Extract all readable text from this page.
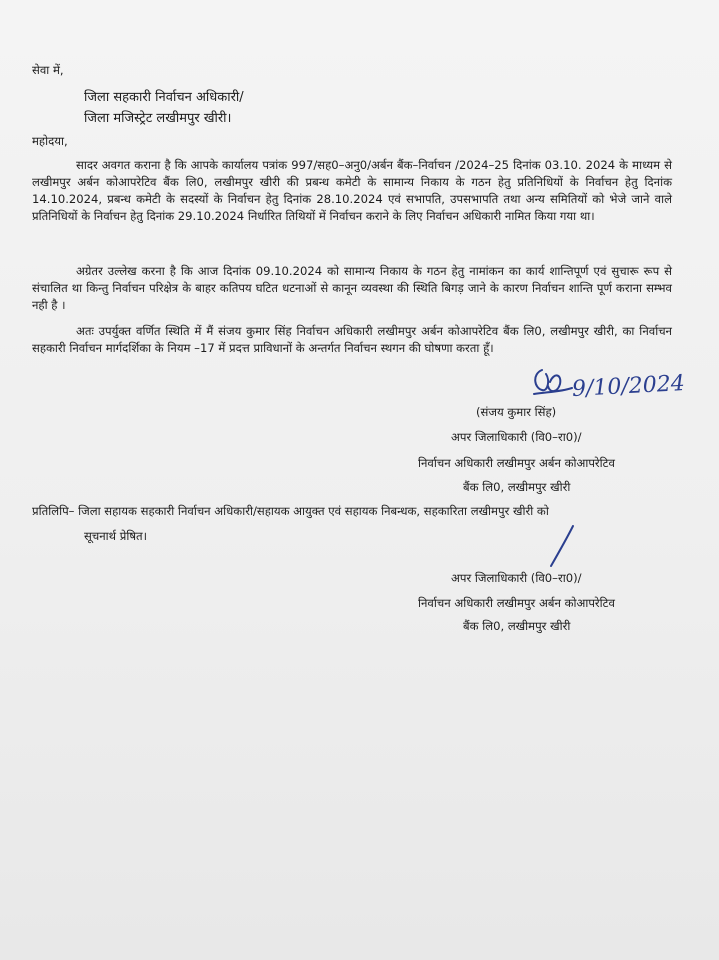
सेवा में,
जिला सहकारी निर्वाचन अधिकारी/
जिला मजिस्ट्रेट लखीमपुर खीरी।
महोदया,
सादर अवगत कराना है कि आपके कार्यालय पत्रांक 997/सह0–अनु0/अर्बन बैंक–निर्वाचन /2024–25 दिनांक 03.10. 2024 के माध्यम से लखीमपुर अर्बन कोआपरेटिव बैंक लि0, लखीमपुर खीरी की प्रबन्ध कमेटी के सामान्य निकाय के गठन हेतु प्रतिनिधियों के निर्वाचन हेतु दिनांक 14.10.2024, प्रबन्ध कमेटी के सदस्यों के निर्वाचन हेतु दिनांक 28.10.2024 एवं सभापति, उपसभापति तथा अन्य समितियों को भेजे जाने वाले प्रतिनिधियों के निर्वाचन हेतु दिनांक 29.10.2024 निर्धारित तिथियों में निर्वाचन कराने के लिए निर्वाचन अधिकारी नामित किया गया था।
अग्रेतर उल्लेख करना है कि आज दिनांक 09.10.2024 को सामान्य निकाय के गठन हेतु नामांकन का कार्य शान्तिपूर्ण एवं सुचारू रूप से संचालित था किन्तु निर्वाचन परिक्षेत्र के बाहर कतिपय घटित धटनाओं से कानून व्यवस्था की स्थिति बिगड़ जाने के कारण निर्वाचन शान्ति पूर्ण कराना सम्भव नही है ।
अतः उपर्युक्त वर्णित स्थिति में मैं संजय कुमार सिंह निर्वाचन अधिकारी लखीमपुर अर्बन कोआपरेटिव बैंक लि0, लखीमपुर खीरी, का निर्वाचन सहकारी निर्वाचन मार्गदर्शिका के नियम –17 में प्रदत्त प्राविधानों के अन्तर्गत निर्वाचन स्थगन की घोषणा करता हूँ।
9/10/2024
(संजय कुमार सिंह)
अपर जिलाधिकारी (वि0–रा0)/
निर्वाचन अधिकारी लखीमपुर अर्बन कोआपरेटिव
बैंक लि0, लखीमपुर खीरी
प्रतिलिपि– जिला सहायक सहकारी निर्वाचन अधिकारी/सहायक आयुक्त एवं सहायक निबन्धक, सहकारिता लखीमपुर खीरी को
सूचनार्थ प्रेषित।
अपर जिलाधिकारी (वि0–रा0)/
निर्वाचन अधिकारी लखीमपुर अर्बन कोआपरेटिव
बैंक लि0, लखीमपुर खीरी
